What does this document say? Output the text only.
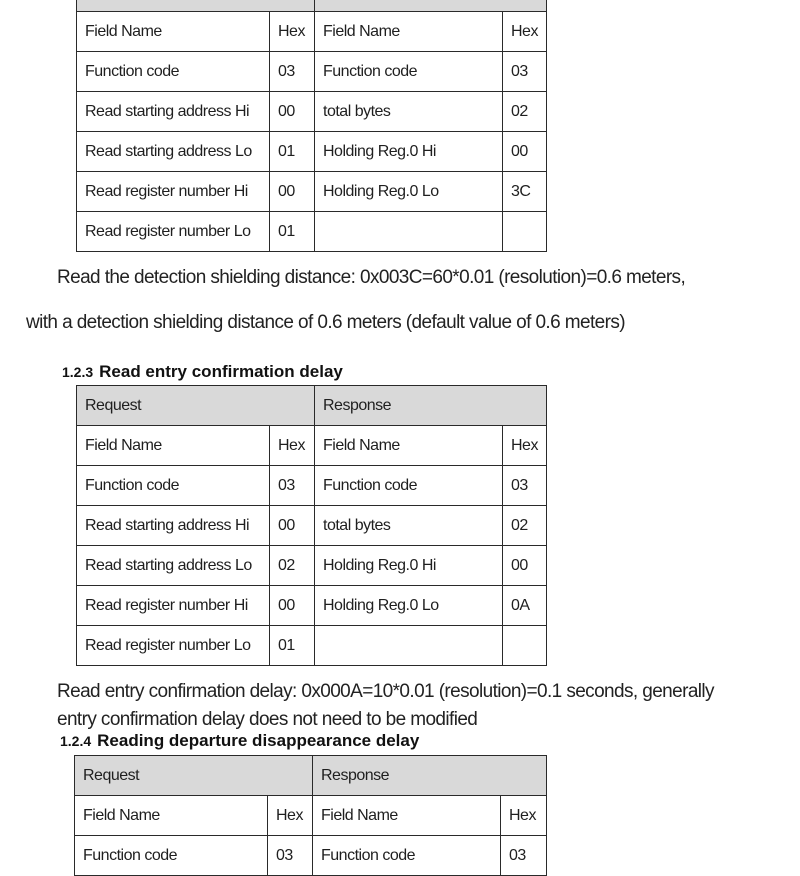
Field Name	Hex	Field Name	Hex
Function code	03	Function code	03
Read starting address Hi	00	total bytes	02
Read starting address Lo	01	Holding Reg.0 Hi	00
Read register number Hi	00	Holding Reg.0 Lo	3C
Read register number Lo	01		

Read the detection shielding distance: 0x003C=60*0.01 (resolution)=0.6 meters,

with a detection shielding distance of 0.6 meters (default value of 0.6 meters)

1.2.3 Read entry confirmation delay
Request		Response	
Field Name	Hex	Field Name	Hex
Function code	03	Function code	03
Read starting address Hi	00	total bytes	02
Read starting address Lo	02	Holding Reg.0 Hi	00
Read register number Hi	00	Holding Reg.0 Lo	0A
Read register number Lo	01		

Read entry confirmation delay: 0x000A=10*0.01 (resolution)=0.1 seconds, generally

entry confirmation delay does not need to be modified

1.2.4 Reading departure disappearance delay
Request		Response	
Field Name	Hex	Field Name	Hex
Function code	03	Function code	03
